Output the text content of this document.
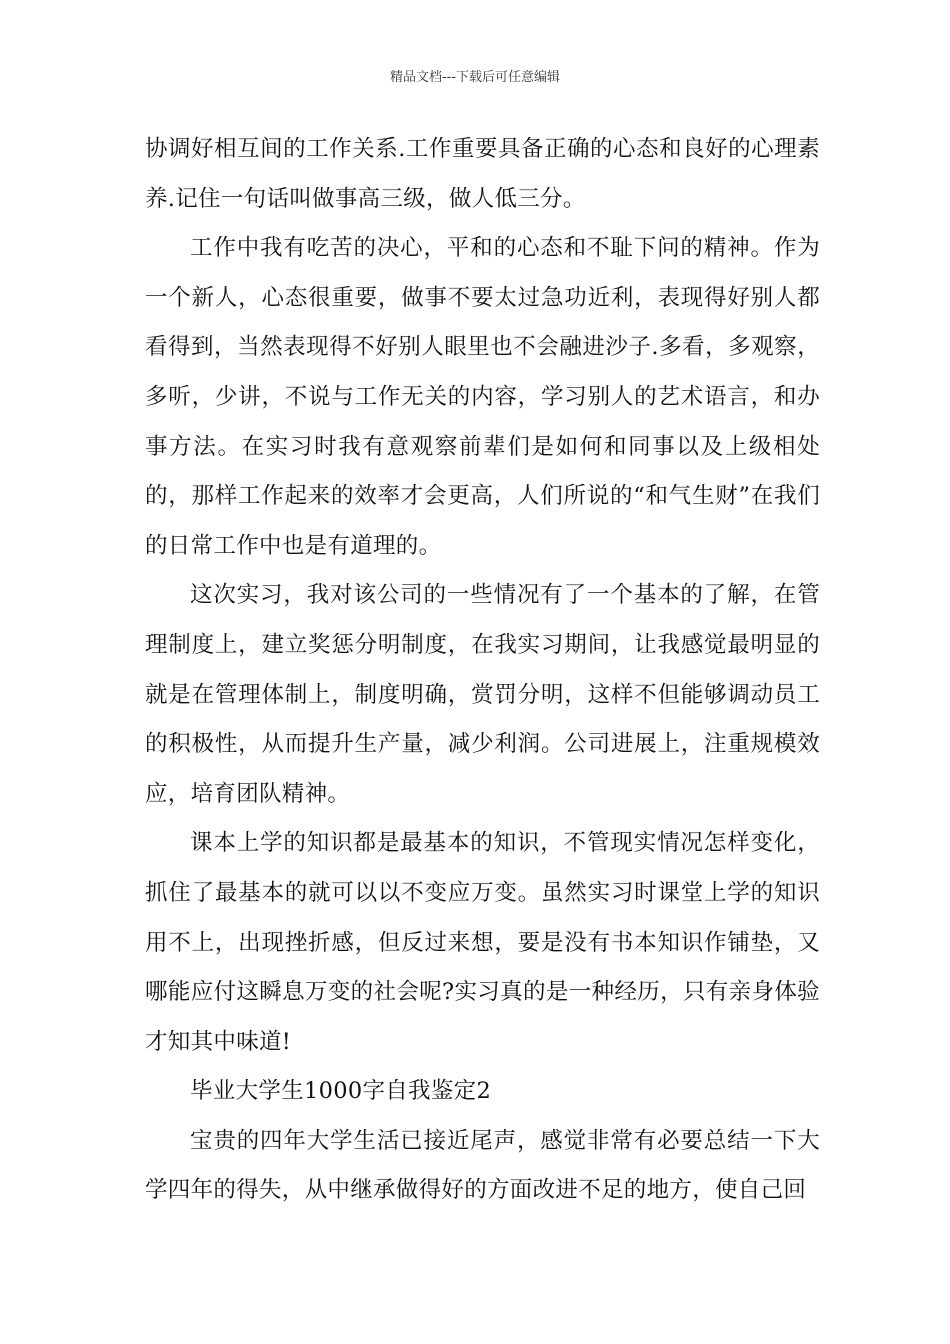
精品文档---下载后可任意编辑

协调好相互间的工作关系.工作重要具备正确的心态和良好的心理素养.记住一句话叫做事高三级，做人低三分。

工作中我有吃苦的决心，平和的心态和不耻下问的精神。作为一个新人，心态很重要，做事不要太过急功近利，表现得好别人都看得到，当然表现得不好别人眼里也不会融进沙子.多看，多观察，多听，少讲，不说与工作无关的内容，学习别人的艺术语言，和办事方法。在实习时我有意观察前辈们是如何和同事以及上级相处的，那样工作起来的效率才会更高，人们所说的“和气生财”在我们的日常工作中也是有道理的。

这次实习，我对该公司的一些情况有了一个基本的了解，在管理制度上，建立奖惩分明制度，在我实习期间，让我感觉最明显的就是在管理体制上，制度明确，赏罚分明，这样不但能够调动员工的积极性，从而提升生产量，减少利润。公司进展上，注重规模效应，培育团队精神。

课本上学的知识都是最基本的知识，不管现实情况怎样变化，抓住了最基本的就可以以不变应万变。虽然实习时课堂上学的知识用不上，出现挫折感，但反过来想，要是没有书本知识作铺垫，又哪能应付这瞬息万变的社会呢?实习真的是一种经历，只有亲身体验才知其中味道!

毕业大学生1000字自我鉴定2

宝贵的四年大学生活已接近尾声，感觉非常有必要总结一下大学四年的得失，从中继承做得好的方面改进不足的地方，使自己回
